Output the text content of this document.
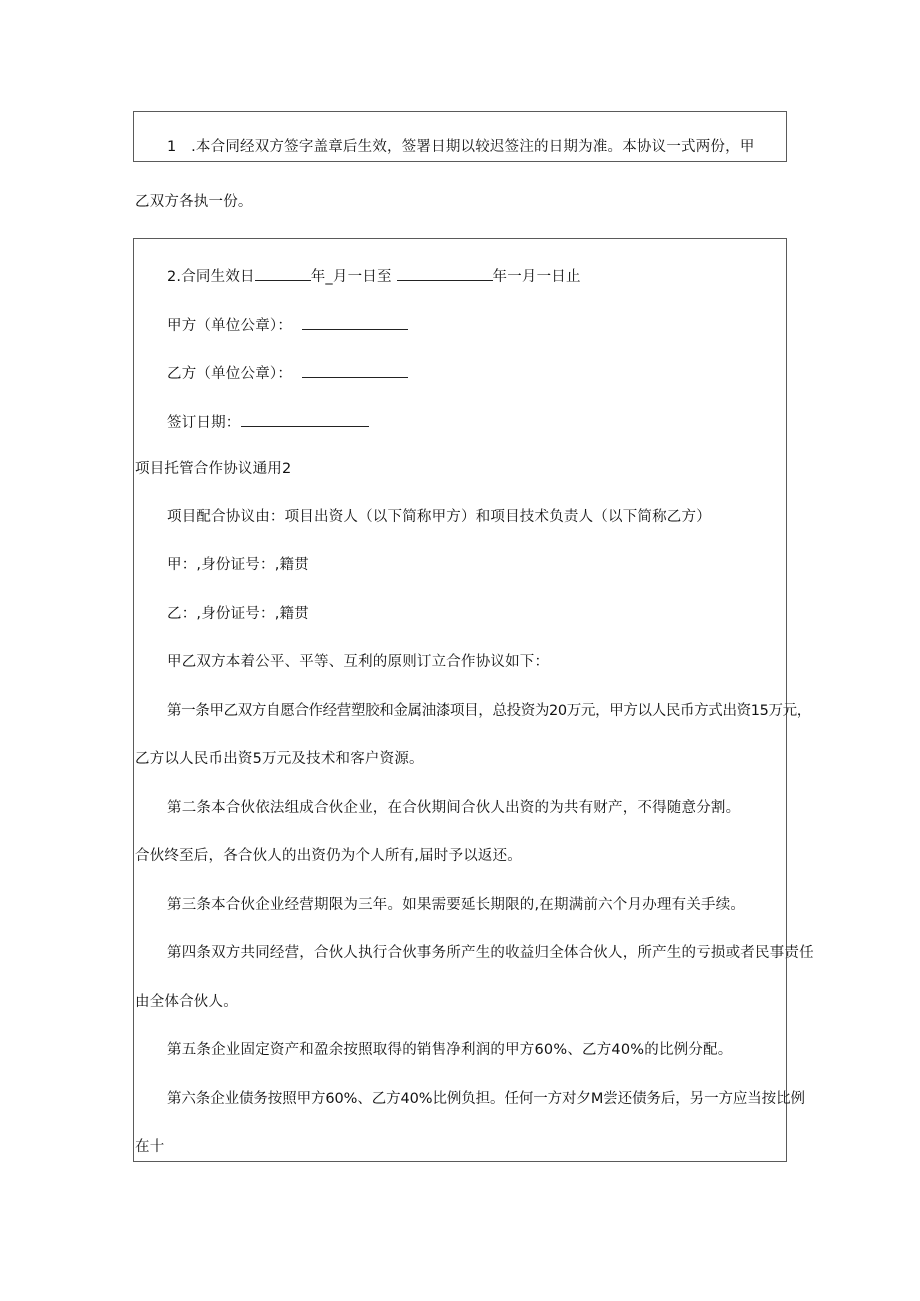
1　.本合同经双方签字盖章后生效，签署日期以较迟签注的日期为准。本协议一式两份，甲
乙双方各执一份。
2.合同生效日	年_月一日至	年一月一日止
甲方（单位公章）：
乙方（单位公章）：
签订日期：
项目托管合作协议通用2
项目配合协议由：项目出资人（以下简称甲方）和项目技术负责人（以下简称乙方）
甲：,身份证号：,籍贯
乙：,身份证号：,籍贯
甲乙双方本着公平、平等、互利的原则订立合作协议如下：
第一条甲乙双方自愿合作经营塑胶和金属油漆项目，总投资为20万元，甲方以人民币方式出资15万元，
乙方以人民币出资5万元及技术和客户资源。
第二条本合伙依法组成合伙企业，在合伙期间合伙人出资的为共有财产，不得随意分割。
合伙终至后，各合伙人的出资仍为个人所有,届时予以返还。
第三条本合伙企业经营期限为三年。如果需要延长期限的,在期满前六个月办理有关手续。
第四条双方共同经营，合伙人执行合伙事务所产生的收益归全体合伙人，所产生的亏损或者民事责任
由全体合伙人。
第五条企业固定资产和盈余按照取得的销售净利润的甲方60%、乙方40%的比例分配。
第六条企业债务按照甲方60%、乙方40%比例负担。任何一方对夕M尝还债务后，另一方应当按比例
在十
